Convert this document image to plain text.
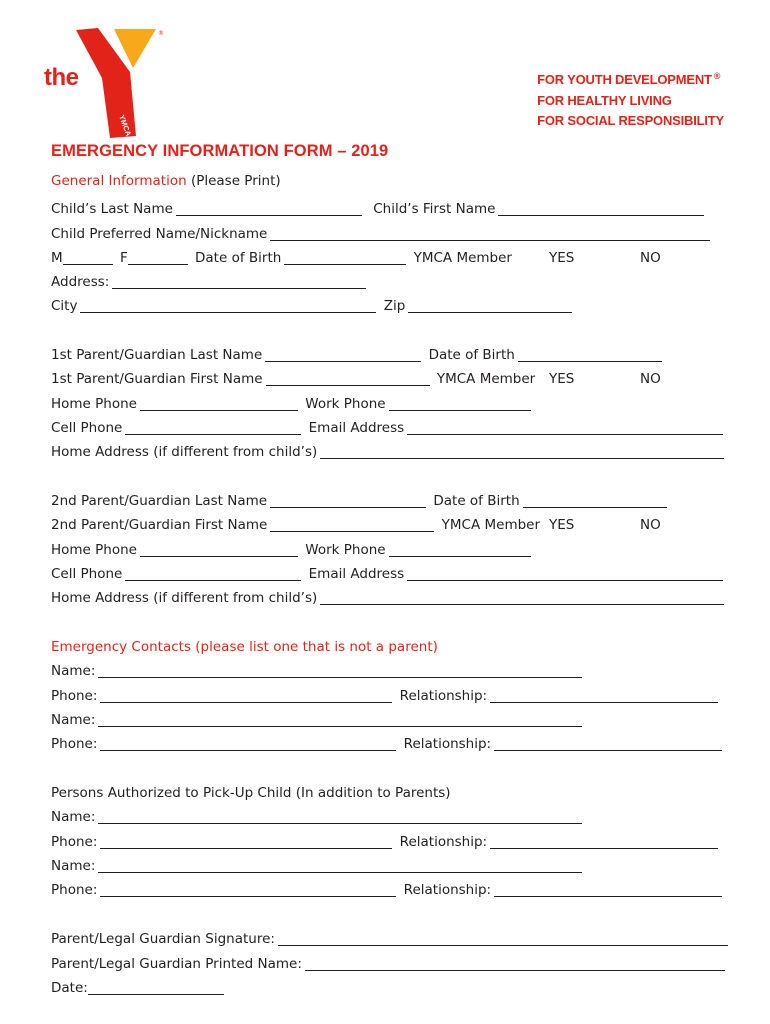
®
YMCA
the	FOR YOUTH DEVELOPMENT ®
FOR HEALTHY LIVING
FOR SOCIAL RESPONSIBILITY
EMERGENCY INFORMATION FORM – 2019
General Information (Please Print)
Child’s Last Name	Child’s First Name
Child Preferred Name/Nickname
M	F	Date of Birth	YMCA Member	YES	NO
Address:
City	Zip
1st Parent/Guardian Last Name	Date of Birth
1st Parent/Guardian First Name	YMCA Member YES	NO
Home Phone	Work Phone
Cell Phone	Email Address
Home Address (if different from child’s)
2nd Parent/Guardian Last Name	Date of Birth
2nd Parent/Guardian First Name	YMCA Member YES	NO
Home Phone	Work Phone
Cell Phone	Email Address
Home Address (if different from child’s)
Emergency Contacts (please list one that is not a parent)
Name:
Phone:	Relationship:
Name:
Phone:	Relationship:
Persons Authorized to Pick-Up Child (In addition to Parents)
Name:
Phone:	Relationship:
Name:
Phone:	Relationship:
Parent/Legal Guardian Signature:
Parent/Legal Guardian Printed Name:
Date:
